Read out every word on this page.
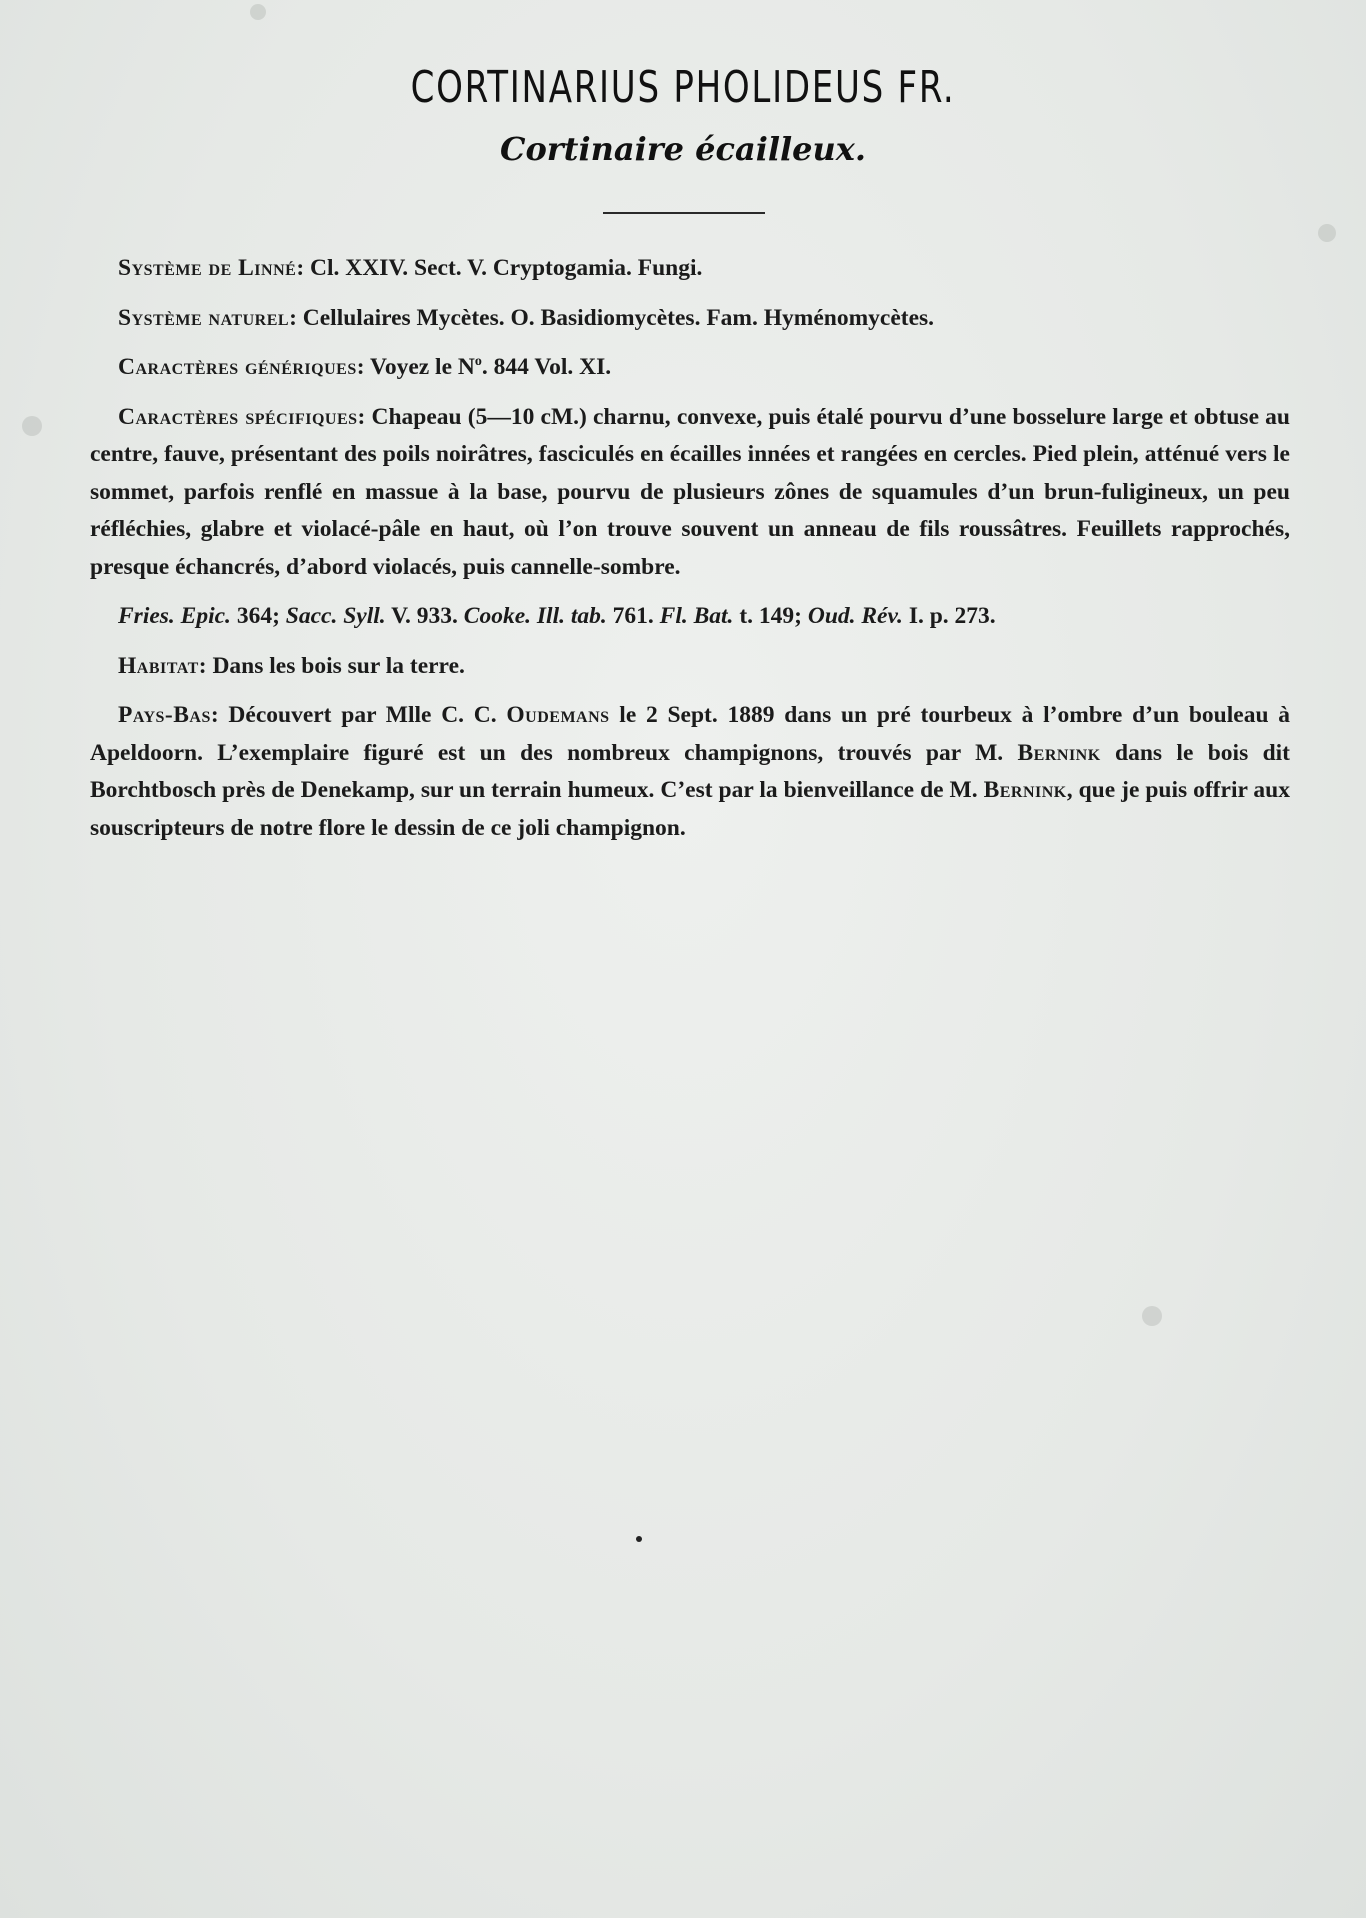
CORTINARIUS PHOLIDEUS FR.
Cortinaire écailleux.

Système de Linné: Cl. XXIV. Sect. V. Cryptogamia. Fungi.

Système naturel: Cellulaires Mycètes. O. Basidiomycètes. Fam. Hyménomycètes.

Caractères génériques: Voyez le $N^o$. 844 Vol. XI.

Caractères spécifiques: Chapeau (5—10 cM.) charnu, convexe, puis étalé pourvu d’une bosselure large et obtuse au centre, fauve, présentant des poils noirâtres, fasciculés en écailles innées et rangées en cercles. Pied plein, atténué vers le sommet, parfois renflé en massue à la base, pourvu de plusieurs zônes de squamules d’un brun-fuligineux, un peu réfléchies, glabre et violacé-pâle en haut, où l’on trouve souvent un anneau de fils roussâtres. Feuillets rapprochés, presque échancrés, d’abord violacés, puis cannelle-sombre.

Fries. Epic. 364; Sacc. Syll. V. 933. Cooke. Ill. tab. 761. Fl. Bat. t. 149; Oud. Rév. I. p. 273.

Habitat: Dans les bois sur la terre.

Pays-Bas: Découvert par Mlle C. C. Oudemans le 2 Sept. 1889 dans un pré tourbeux à l’ombre d’un bouleau à Apeldoorn. L’exemplaire figuré est un des nombreux champignons, trouvés par M. Bernink dans le bois dit Borchtbosch près de Denekamp, sur un terrain humeux. C’est par la bienveillance de M. Bernink, que je puis offrir aux souscripteurs de notre flore le dessin de ce joli champignon.
